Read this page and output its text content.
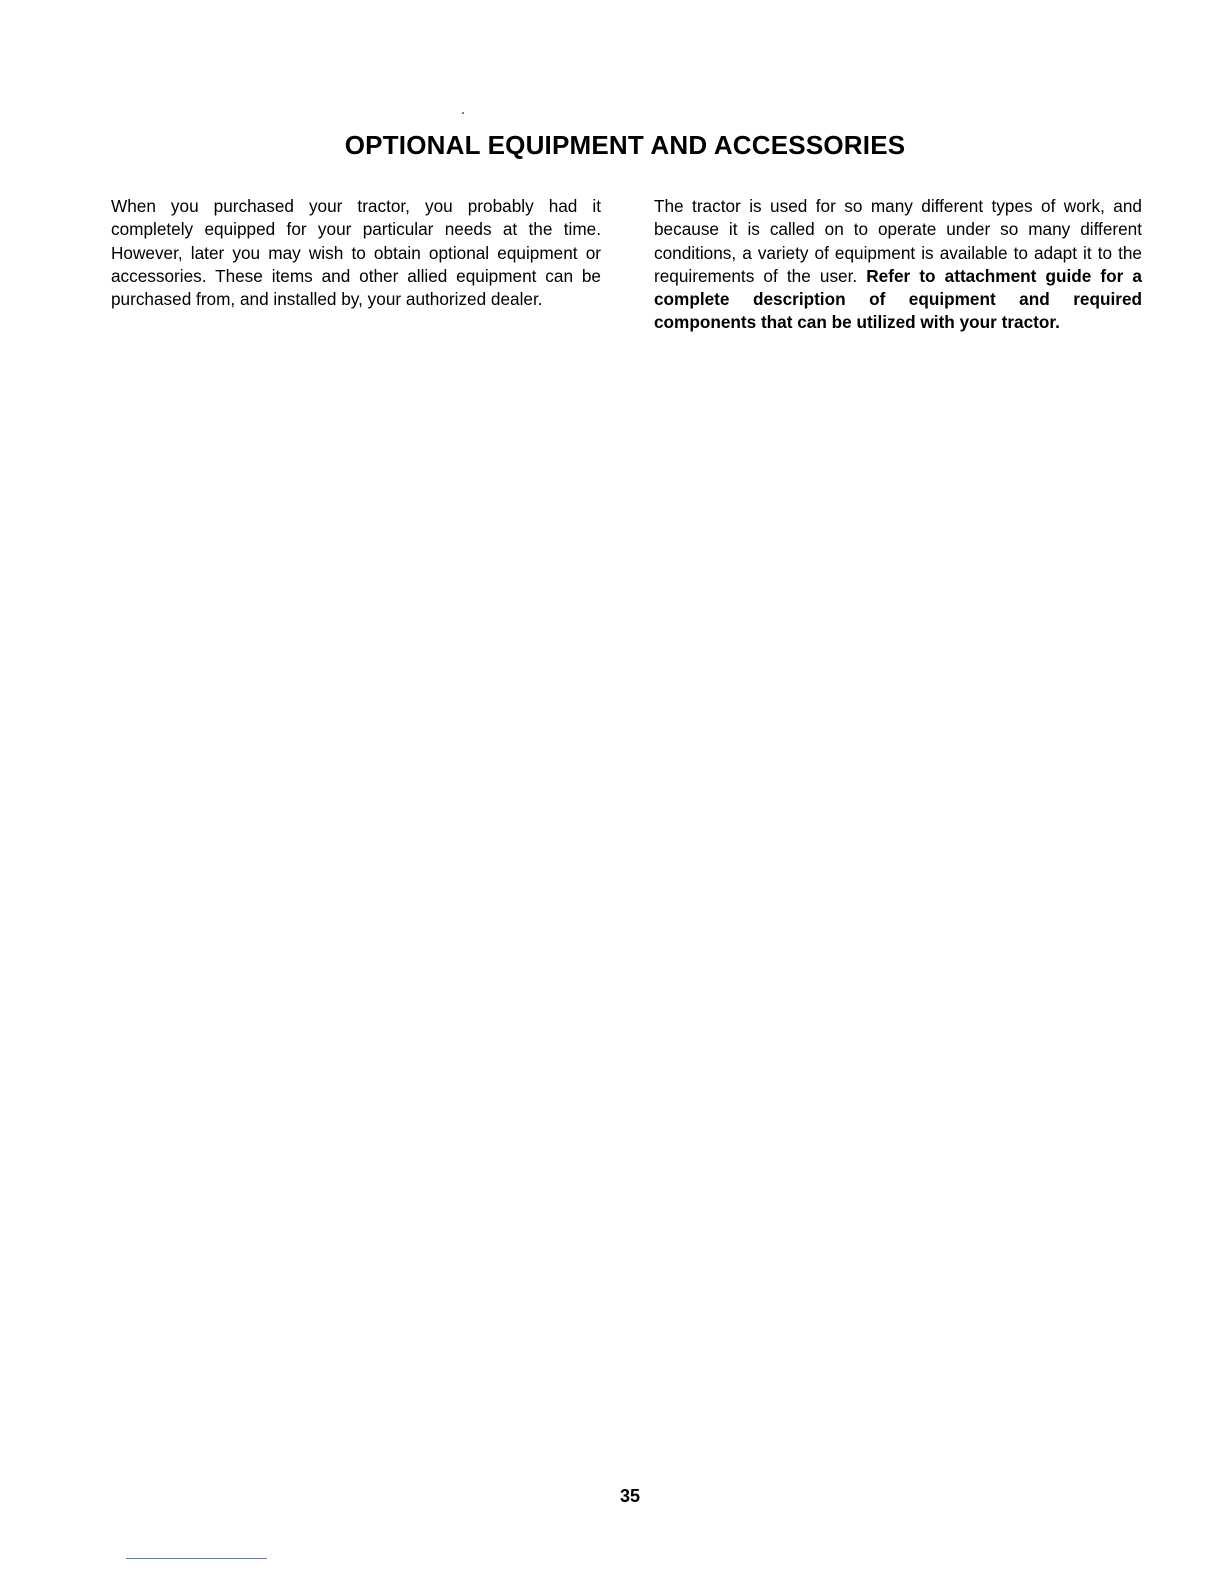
OPTIONAL EQUIPMENT AND ACCESSORIES

When you purchased your tractor, you probably had it completely equipped for your particular needs at the time. However, later you may wish to obtain optional equipment or accessories. These items and other allied equipment can be purchased from, and installed by, your authorized dealer.

The tractor is used for so many different types of work, and because it is called on to operate under so many different conditions, a variety of equipment is available to adapt it to the requirements of the user. Refer to attachment guide for a complete description of equipment and required components that can be utilized with your tractor.

35
